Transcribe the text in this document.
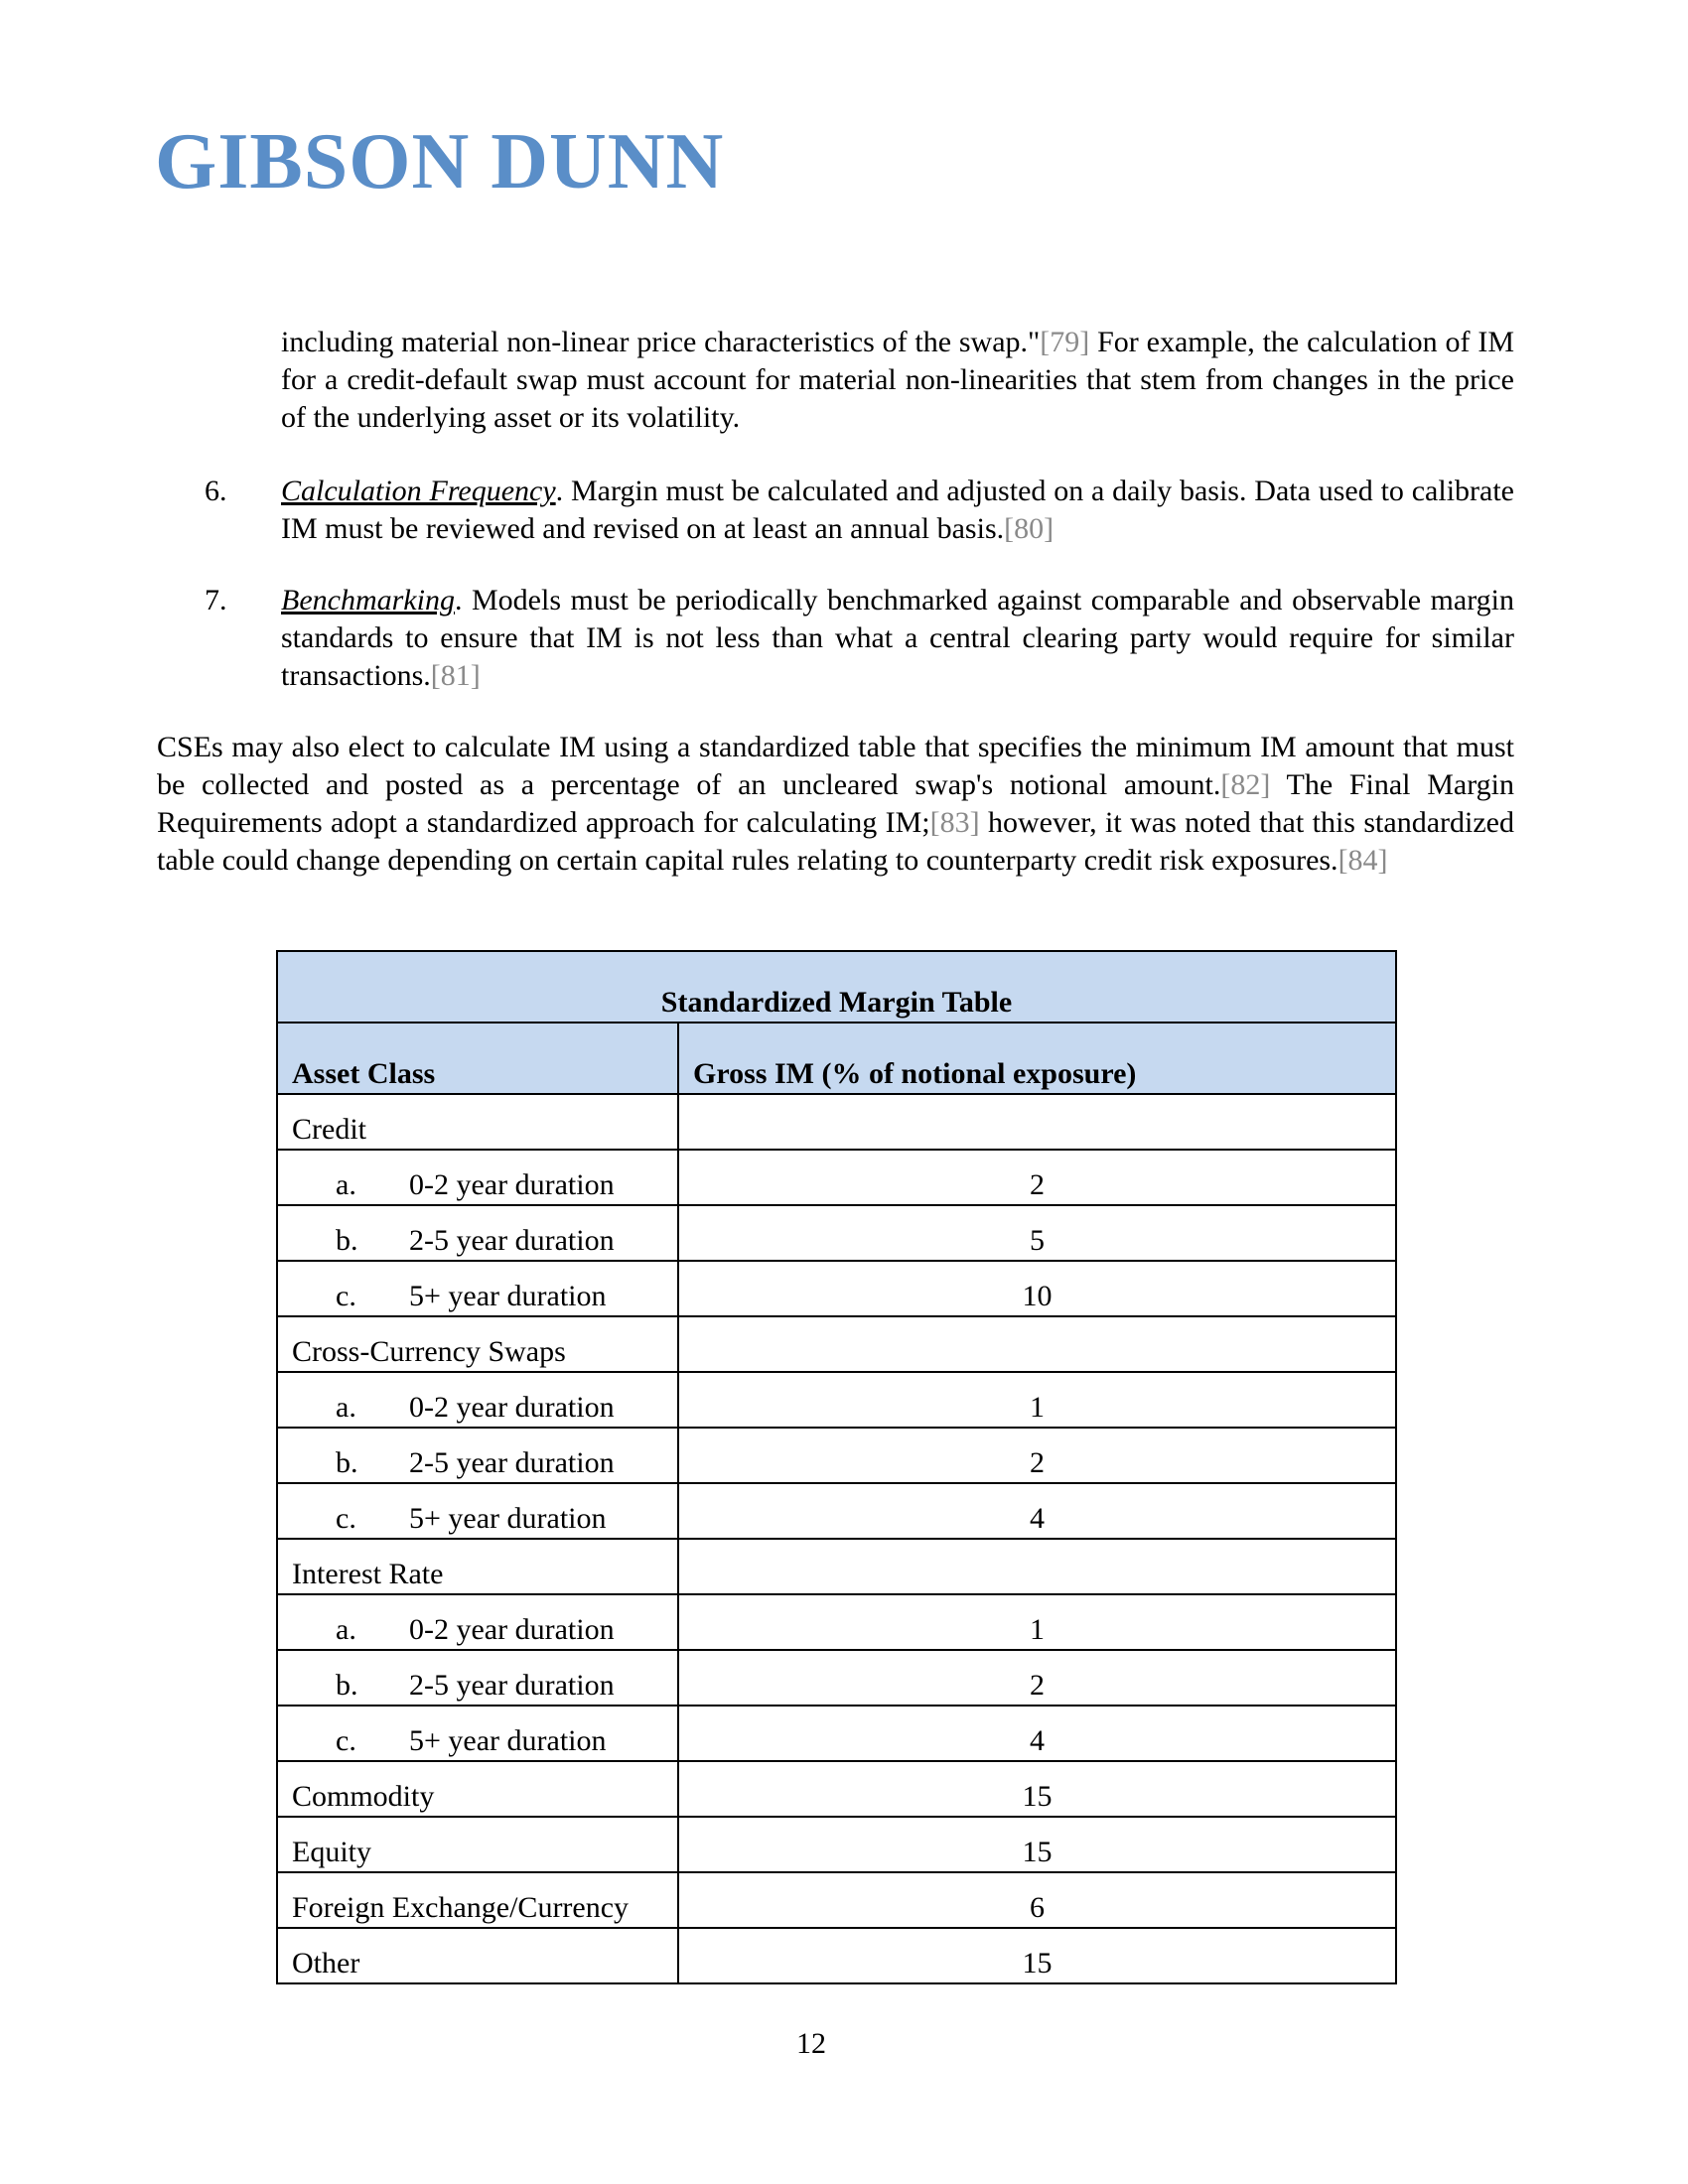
GIBSON DUNN
including material non-linear price characteristics of the swap."[79] For example, the calculation of IM for a credit-default swap must account for material non-linearities that stem from changes in the price of the underlying asset or its volatility.
6. Calculation Frequency. Margin must be calculated and adjusted on a daily basis. Data used to calibrate IM must be reviewed and revised on at least an annual basis.[80]
7. Benchmarking. Models must be periodically benchmarked against comparable and observable margin standards to ensure that IM is not less than what a central clearing party would require for similar transactions.[81]
CSEs may also elect to calculate IM using a standardized table that specifies the minimum IM amount that must be collected and posted as a percentage of an uncleared swap's notional amount.[82] The Final Margin Requirements adopt a standardized approach for calculating IM;[83] however, it was noted that this standardized table could change depending on certain capital rules relating to counterparty credit risk exposures.[84]
Standardized Margin Table	
Asset Class	Gross IM (% of notional exposure)
Credit	
a. 0-2 year duration	2
b. 2-5 year duration	5
c. 5+ year duration	10
Cross-Currency Swaps	
a. 0-2 year duration	1
b. 2-5 year duration	2
c. 5+ year duration	4
Interest Rate	
a. 0-2 year duration	1
b. 2-5 year duration	2
c. 5+ year duration	4
Commodity	15
Equity	15
Foreign Exchange/Currency	6
Other	15
12
